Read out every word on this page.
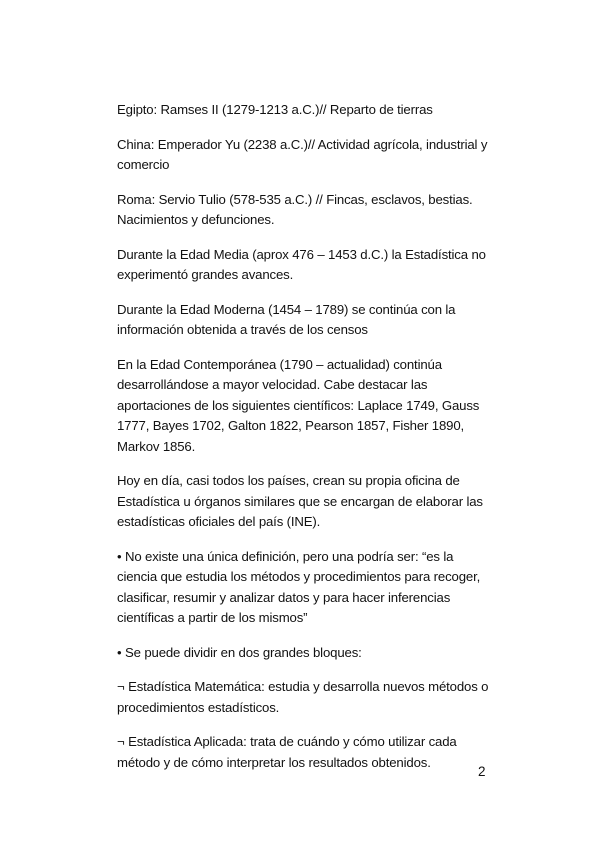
Egipto: Ramses II (1279-1213 a.C.)// Reparto de tierras

China: Emperador Yu (2238 a.C.)// Actividad agrícola, industrial y comercio

Roma: Servio Tulio (578-535 a.C.) // Fincas, esclavos, bestias. Nacimientos y defunciones.

Durante la Edad Media (aprox 476 – 1453 d.C.) la Estadística no experimentó grandes avances.

Durante la Edad Moderna (1454 – 1789) se continúa con la información obtenida a través de los censos

En la Edad Contemporánea (1790 – actualidad) continúa desarrollándose a mayor velocidad. Cabe destacar las aportaciones de los siguientes científicos: Laplace 1749, Gauss 1777, Bayes 1702, Galton 1822, Pearson 1857, Fisher 1890, Markov 1856.

Hoy en día, casi todos los países, crean su propia oficina de Estadística u órganos similares que se encargan de elaborar las estadísticas oficiales del país (INE).

• No existe una única definición, pero una podría ser: “es la ciencia que estudia los métodos y procedimientos para recoger, clasificar, resumir y analizar datos y para hacer inferencias científicas a partir de los mismos”

• Se puede dividir en dos grandes bloques:

¬ Estadística Matemática: estudia y desarrolla nuevos métodos o procedimientos estadísticos.

¬ Estadística Aplicada: trata de cuándo y cómo utilizar cada método y de cómo interpretar los resultados obtenidos.

2
